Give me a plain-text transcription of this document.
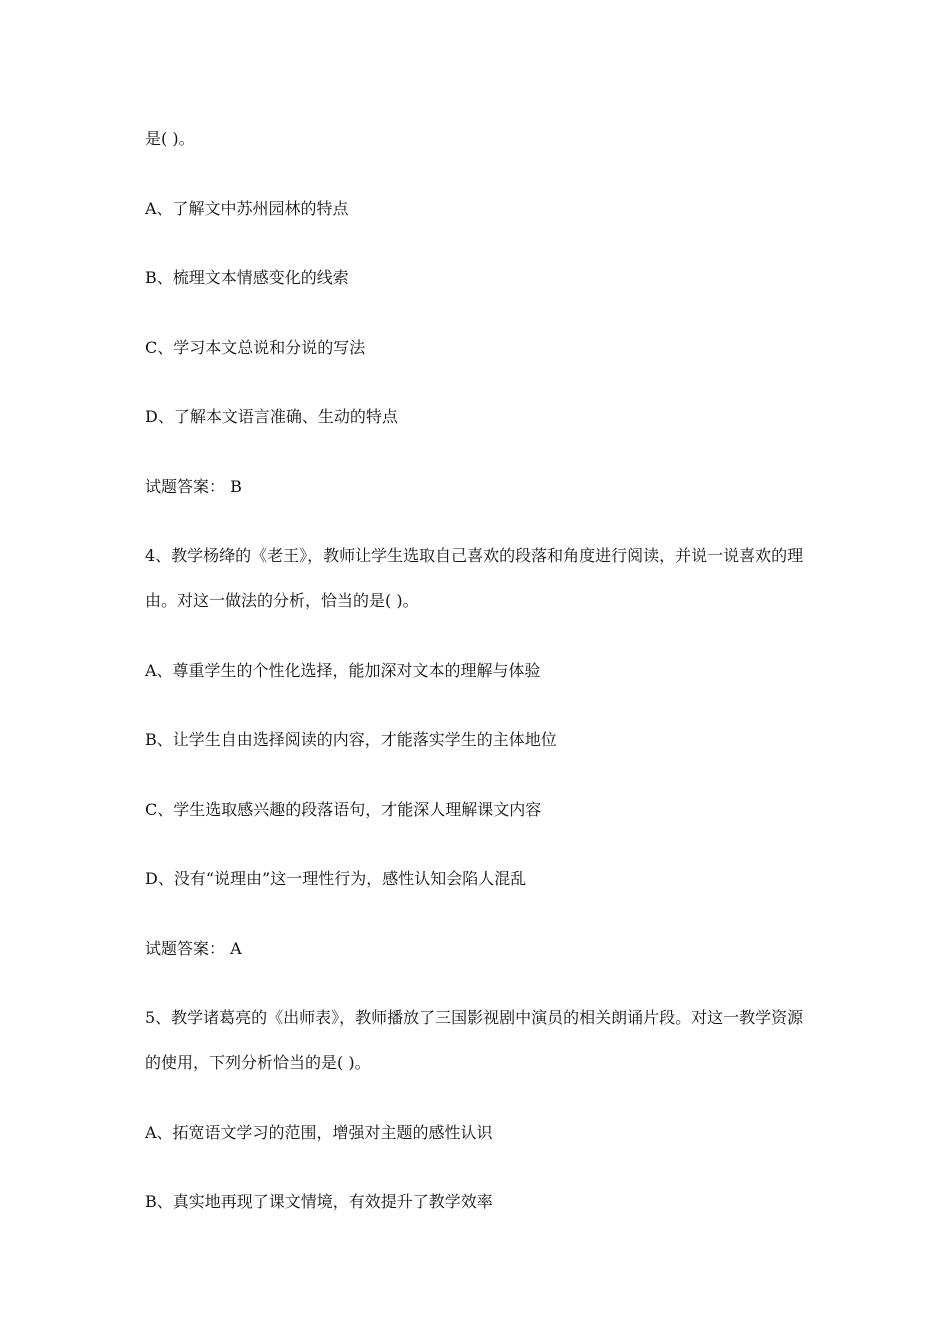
是( )。

A、了解文中苏州园林的特点

B、梳理文本情感变化的线索

C、学习本文总说和分说的写法

D、了解本文语言准确、生动的特点

试题答案： B

4、教学杨绛的《老王》，教师让学生选取自己喜欢的段落和角度进行阅读，并说一说喜欢的理

由。对这一做法的分析，恰当的是( )。

A、尊重学生的个性化选择，能加深对文本的理解与体验

B、让学生自由选择阅读的内容，才能落实学生的主体地位

C、学生选取感兴趣的段落语句，才能深人理解课文内容

D、没有“说理由”这一理性行为，感性认知会陷人混乱

试题答案： A

5、教学诸葛亮的《出师表》，教师播放了三国影视剧中演员的相关朗诵片段。对这一教学资源

的使用，下列分析恰当的是( )。

A、拓宽语文学习的范围，增强对主题的感性认识

B、真实地再现了课文情境，有效提升了教学效率
